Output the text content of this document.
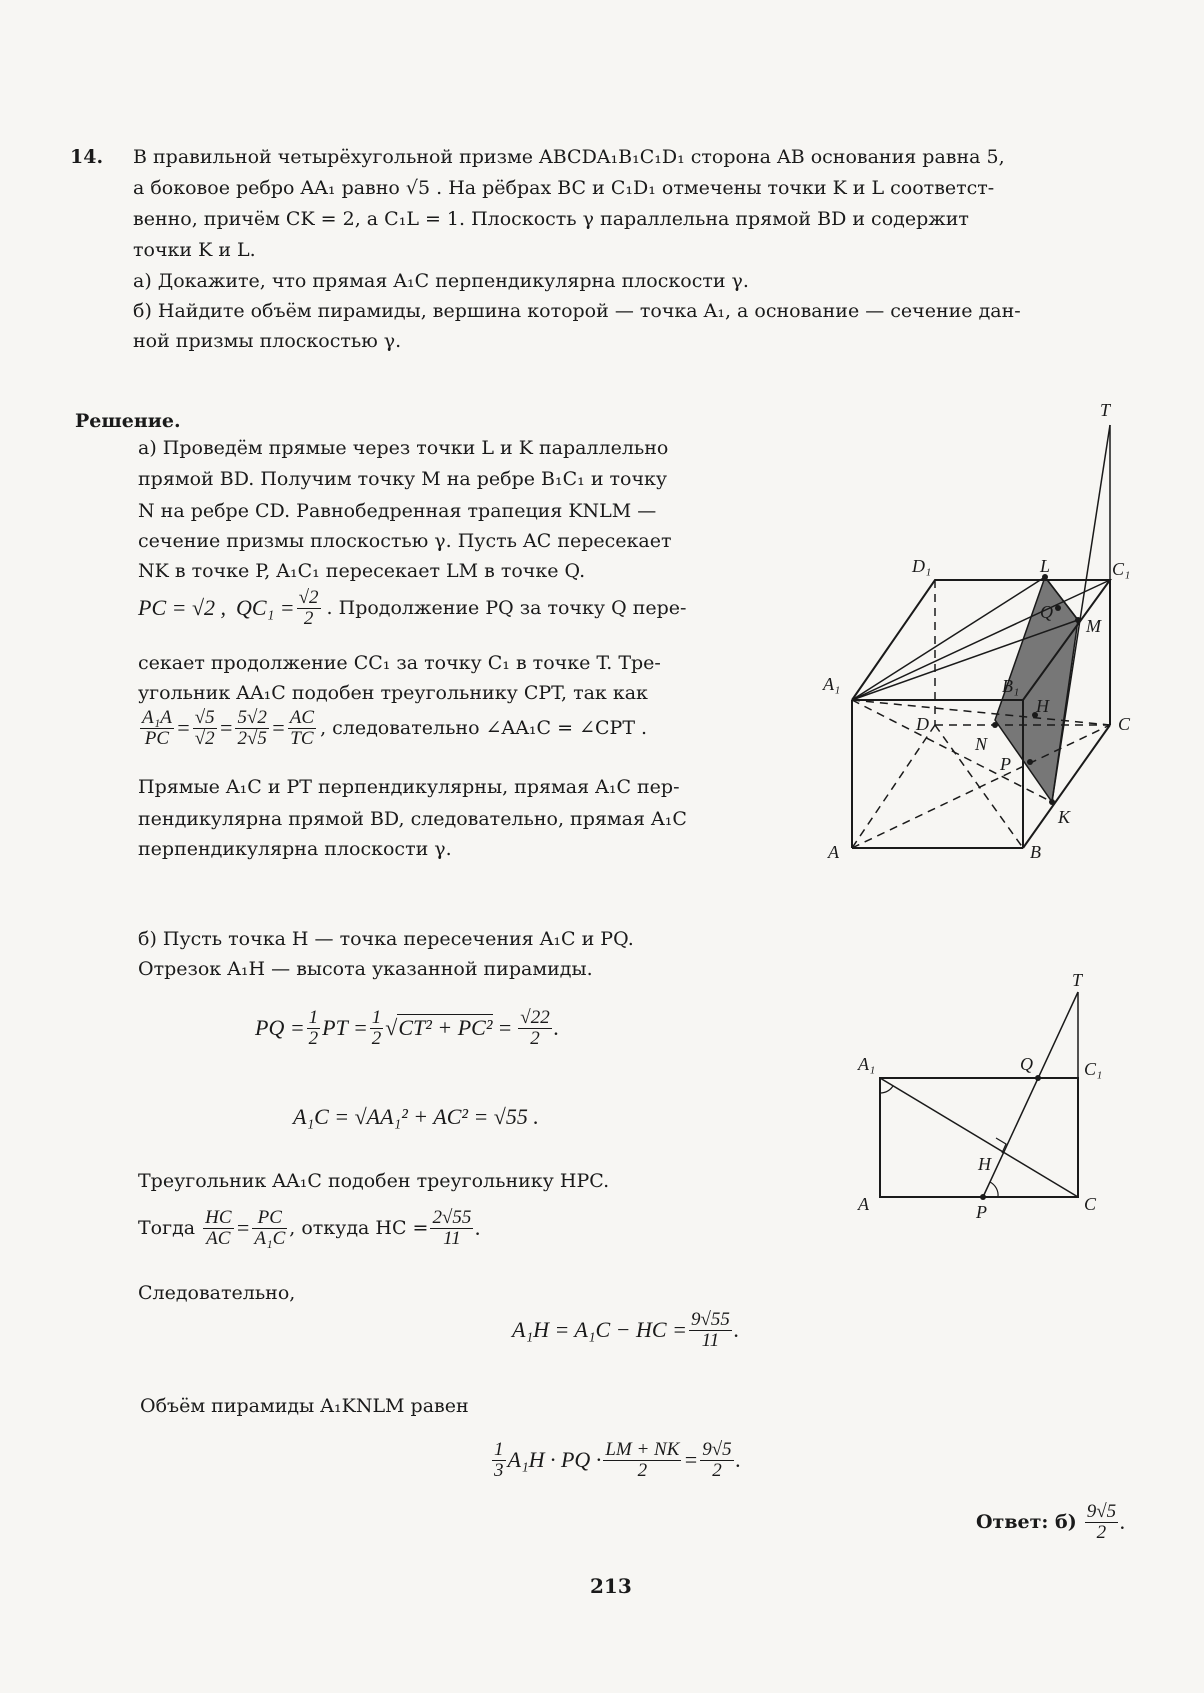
14. В правильной четырёхугольной призме ABCDA₁B₁C₁D₁ сторона AB основания равна 5,
а боковое ребро AA₁ равно √5 . На рёбрах BC и C₁D₁ отмечены точки K и L соответст-
венно, причём CK = 2, а C₁L = 1. Плоскость γ параллельна прямой BD и содержит
точки K и L.
а) Докажите, что прямая A₁C перпендикулярна плоскости γ.
б) Найдите объём пирамиды, вершина которой — точка A₁, а основание — сечение дан-
ной призмы плоскостью γ.
Решение.
а) Проведём прямые через точки L и K параллельно
прямой BD. Получим точку M на ребре B₁C₁ и точку
N на ребре CD. Равнобедренная трапеция KNLM —
сечение призмы плоскостью γ. Пусть AC пересекает
NK в точке P, A₁C₁ пересекает LM в точке Q.
PC = √2 , $QC_1 = \frac{√2}{2}$ . Продолжение PQ за точку Q пере-
секает продолжение CC₁ за точку C₁ в точке T. Тре-
угольник AA₁C подобен треугольнику CPT, так как
$\frac{\text{A₁A}}{PC} = \frac{√5}{√2} = \frac{5√2}{2√5} = \frac{AC}{TC}$ , следовательно ∠AA₁C = ∠CPT .
Прямые A₁C и PT перпендикулярны, прямая A₁C пер-
пендикулярна прямой BD, следовательно, прямая A₁C
перпендикулярна плоскости γ.
б) Пусть точка H — точка пересечения A₁C и PQ.
Отрезок A₁H — высота указанной пирамиды.
PQ = $\frac{1}{2}$ PT = $\frac{1}{2} √CT^2 + PC^2 = \frac{√22}{2}$ .
A₁C = √AA₁² + AC² = √55 .
Треугольник AA₁C подобен треугольнику HPC.
Тогда $\frac{HC}{AC} = \frac{PC}{\text{A₁C}}$ , откуда HC = $\frac{2√55}{11}$ .
Следовательно,
A₁H = A₁C − HC = $\frac{9√55}{11}$ .
Объём пирамиды A₁KNLM равен
$\frac{1}{3} A_1H$ · PQ · $\frac{LM + NK}{2} = \frac{9√5}{2}$ .
Ответ: $б) \frac{9√5}{2}$ .
213
T
D₁	L	C₁
Q
M
A₁	B₁
H
D
N
C
P
K
A	B
T
A₁	Q	C₁
H
A	P	C
